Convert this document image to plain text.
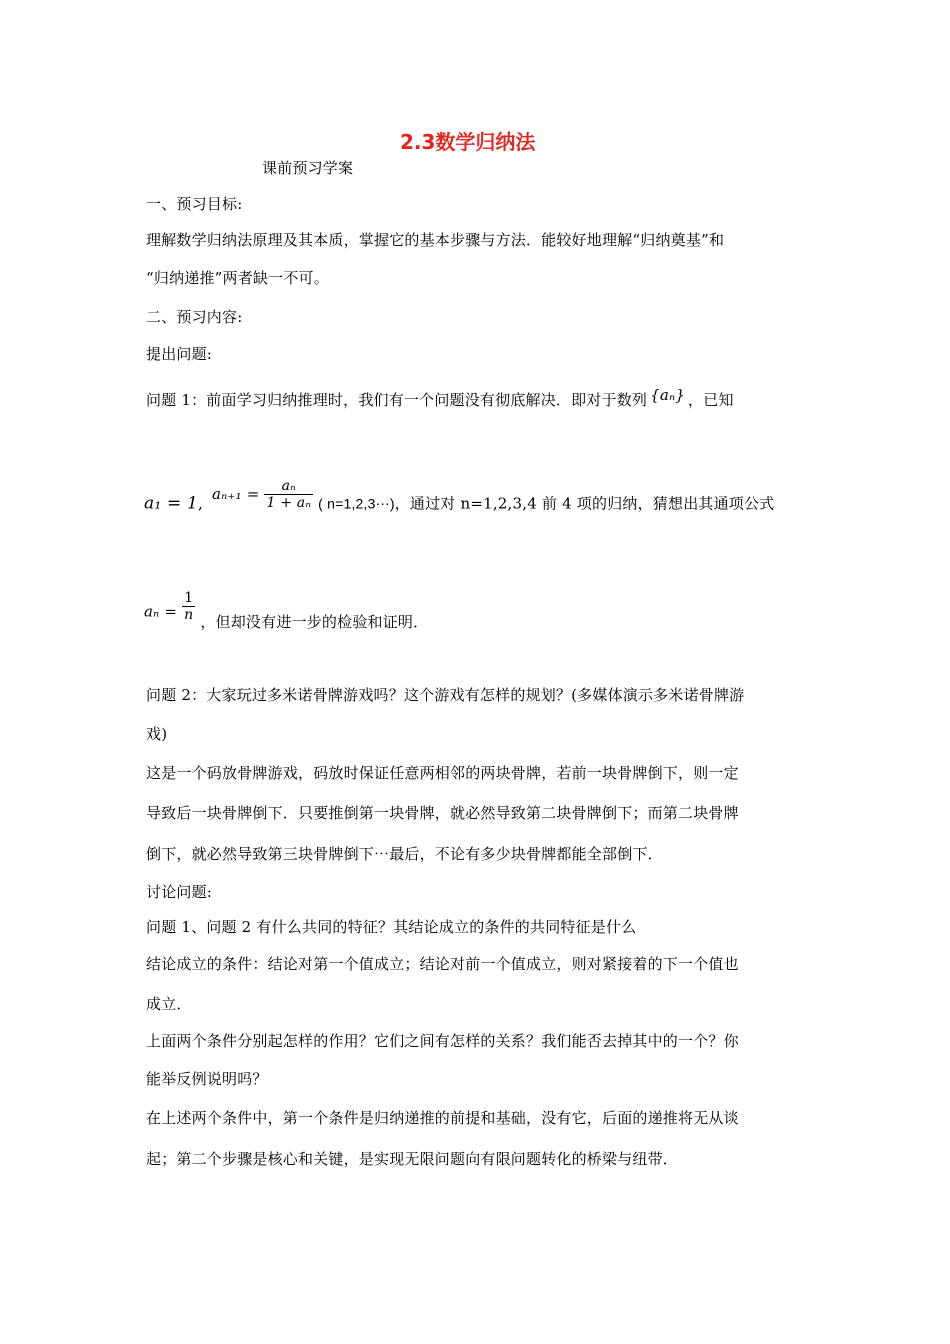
2.3数学归纳法
课前预习学案
一、预习目标:
理解数学归纳法原理及其本质，掌握它的基本步骤与方法．能较好地理解“归纳奠基”和
“归纳递推”两者缺一不可。
二、预习内容:
提出问题:
问题 1：前面学习归纳推理时，我们有一个问题没有彻底解决．即对于数列 {aₙ} ，已知
a₁ = 1, $a_{n+1} = \frac{\text{aₙ}}{\text{1 + aₙ}}$ ( n=1,2,3⋯)，通过对 n=1,2,3,4 前 4 项的归纳，猜想出其通项公式
$a_n = \frac{1}{n}$ ，但却没有进一步的检验和证明．
问题 2：大家玩过多米诺骨牌游戏吗？这个游戏有怎样的规划？(多媒体演示多米诺骨牌游
戏)
这是一个码放骨牌游戏，码放时保证任意两相邻的两块骨牌，若前一块骨牌倒下，则一定
导致后一块骨牌倒下．只要推倒第一块骨牌，就必然导致第二块骨牌倒下；而第二块骨牌
倒下，就必然导致第三块骨牌倒下⋯最后，不论有多少块骨牌都能全部倒下．
讨论问题:
问题 1、问题 2 有什么共同的特征？其结论成立的条件的共同特征是什么
结论成立的条件：结论对第一个值成立；结论对前一个值成立，则对紧接着的下一个值也
成立．
上面两个条件分别起怎样的作用？它们之间有怎样的关系？我们能否去掉其中的一个？你
能举反例说明吗？
在上述两个条件中，第一个条件是归纳递推的前提和基础，没有它，后面的递推将无从谈
起；第二个步骤是核心和关键，是实现无限问题向有限问题转化的桥梁与纽带．
